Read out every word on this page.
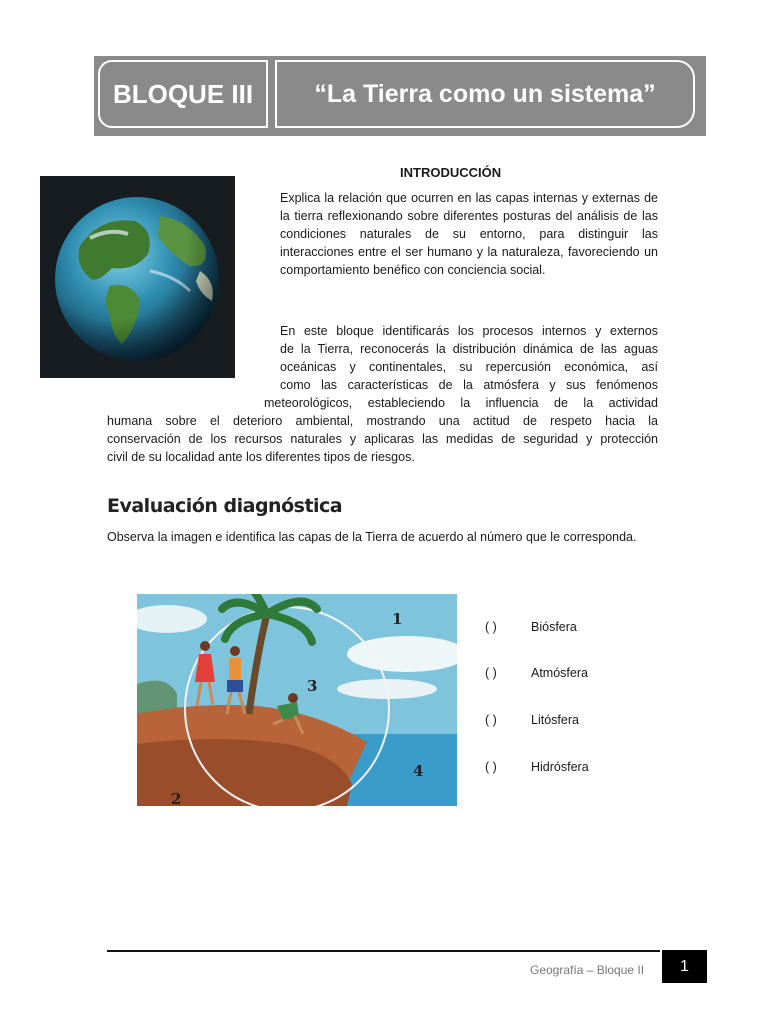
BLOQUE III	“La Tierra como un sistema”
INTRODUCCIÓN

Explica la relación que ocurren en las capas internas y externas de la tierra reflexionando sobre diferentes posturas del análisis de las condiciones naturales de su entorno, para distinguir las interacciones entre el ser humano y la naturaleza, favoreciendo un comportamiento benéfico con conciencia social.

En este bloque identificarás los procesos internos y externos
de la Tierra, reconocerás la distribución dinámica de las aguas
oceánicas y continentales, su repercusión económica, así
como las características de la atmósfera y sus fenómenos
meteorológicos, estableciendo la influencia de la actividad
humana sobre el deterioro ambiental, mostrando una actitud de respeto hacia la
conservación de los recursos naturales y aplicaras las medidas de seguridad y protección
civil de su localidad ante los diferentes tipos de riesgos.
Evaluación diagnóstica

Observa la imagen e identifica las capas de la Tierra de acuerdo al número que le corresponda.

1
3
4
2
( )	Biósfera
( )	Atmósfera
( )	Litósfera
( )	Hidrósfera
Geografía – Bloque II	1
